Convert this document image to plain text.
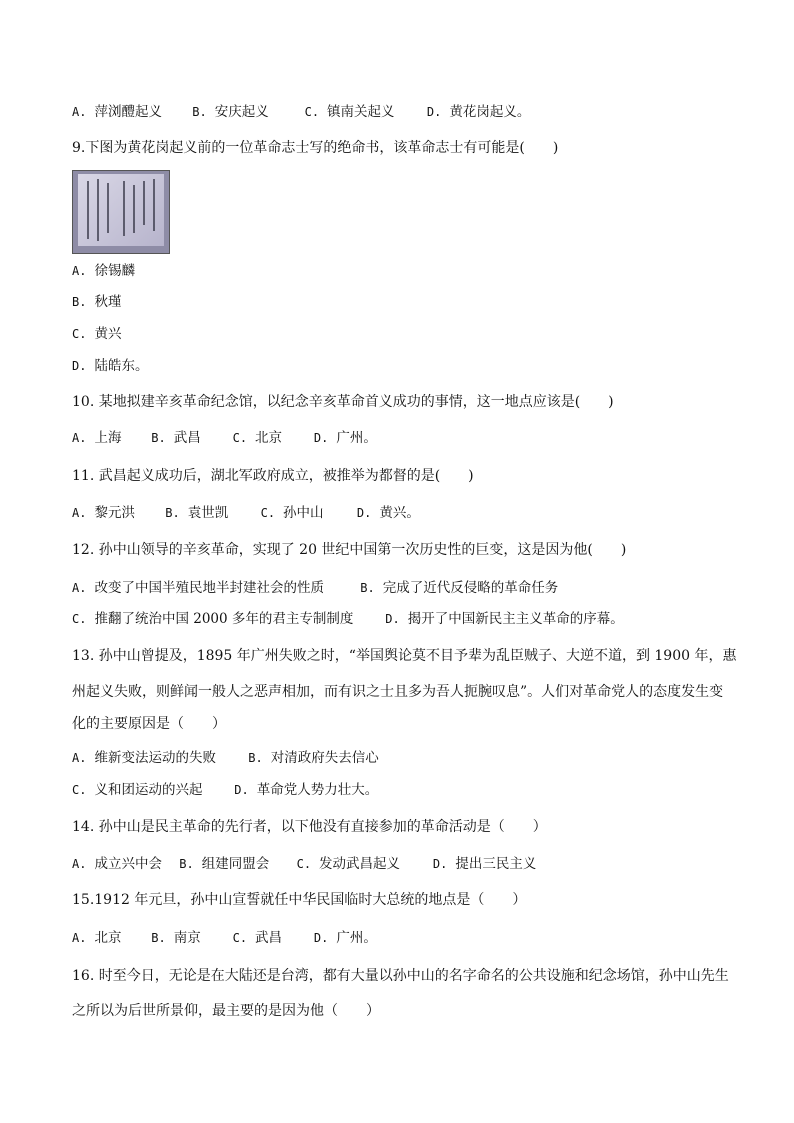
A. 萍浏醴起义	B. 安庆起义	C. 镇南关起义	D. 黄花岗起义。
9.下图为黄花岗起义前的一位革命志士写的绝命书，该革命志士有可能是(　　)
A. 徐锡麟
B. 秋瑾
C. 黄兴
D. 陆皓东。
10. 某地拟建辛亥革命纪念馆，以纪念辛亥革命首义成功的事情，这一地点应该是(　　)
A. 上海 B. 武昌	C. 北京	D. 广州。
11. 武昌起义成功后，湖北军政府成立，被推举为都督的是(　　)
A. 黎元洪	B. 袁世凯	C. 孙中山	D. 黄兴。
12. 孙中山领导的辛亥革命，实现了 20 世纪中国第一次历史性的巨变，这是因为他(　　)
A. 改变了中国半殖民地半封建社会的性质	B. 完成了近代反侵略的革命任务
C. 推翻了统治中国 2000 多年的君主专制制度	D. 揭开了中国新民主主义革命的序幕。
13. 孙中山曾提及，1895 年广州失败之时，“举国舆论莫不目予辈为乱臣贼子、大逆不道，到 1900 年，惠
州起义失败，则鲜闻一般人之恶声相加，而有识之士且多为吾人扼腕叹息”。人们对革命党人的态度发生变
化的主要原因是（　　）
A. 维新变法运动的失败	B. 对清政府失去信心
C. 义和团运动的兴起	D. 革命党人势力壮大。
14. 孙中山是民主革命的先行者，以下他没有直接参加的革命活动是（　　）
A. 成立兴中会 B. 组建同盟会 C. 发动武昌起义	D. 提出三民主义
15.1912 年元旦，孙中山宣誓就任中华民国临时大总统的地点是（　　）
A. 北京 B. 南京	C. 武昌	D. 广州。
16. 时至今日，无论是在大陆还是台湾，都有大量以孙中山的名字命名的公共设施和纪念场馆，孙中山先生
之所以为后世所景仰，最主要的是因为他（　　）
